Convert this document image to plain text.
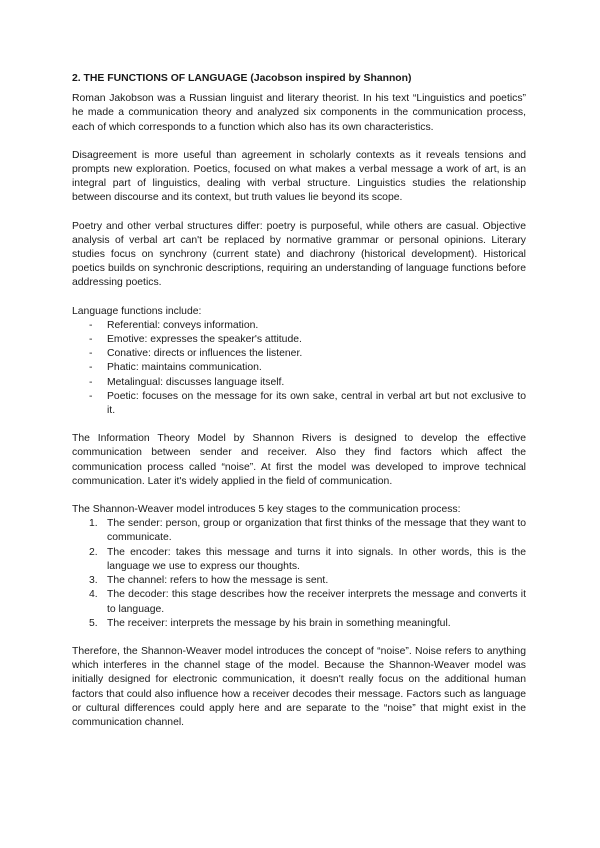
2. THE FUNCTIONS OF LANGUAGE (Jacobson inspired by Shannon)

Roman Jakobson was a Russian linguist and literary theorist. In his text “Linguistics and poetics” he made a communication theory and analyzed six components in the communication process, each of which corresponds to a function which also has its own characteristics.

Disagreement is more useful than agreement in scholarly contexts as it reveals tensions and prompts new exploration. Poetics, focused on what makes a verbal message a work of art, is an integral part of linguistics, dealing with verbal structure. Linguistics studies the relationship between discourse and its context, but truth values lie beyond its scope.

Poetry and other verbal structures differ: poetry is purposeful, while others are casual. Objective analysis of verbal art can't be replaced by normative grammar or personal opinions. Literary studies focus on synchrony (current state) and diachrony (historical development). Historical poetics builds on synchronic descriptions, requiring an understanding of language functions before addressing poetics.

Language functions include:

- Referential: conveys information.
- Emotive: expresses the speaker's attitude.
- Conative: directs or influences the listener.
- Phatic: maintains communication.
- Metalingual: discusses language itself.
- Poetic: focuses on the message for its own sake, central in verbal art but not exclusive to it.

The Information Theory Model by Shannon Rivers is designed to develop the effective communication between sender and receiver. Also they find factors which affect the communication process called “noise”. At first the model was developed to improve technical communication. Later it's widely applied in the field of communication.

The Shannon-Weaver model introduces 5 key stages to the communication process:

1. The sender: person, group or organization that first thinks of the message that they want to communicate.
2. The encoder: takes this message and turns it into signals. In other words, this is the language we use to express our thoughts.
3. The channel: refers to how the message is sent.
4. The decoder: this stage describes how the receiver interprets the message and converts it to language.
5. The receiver: interprets the message by his brain in something meaningful.

Therefore, the Shannon-Weaver model introduces the concept of “noise”. Noise refers to anything which interferes in the channel stage of the model. Because the Shannon-Weaver model was initially designed for electronic communication, it doesn't really focus on the additional human factors that could also influence how a receiver decodes their message. Factors such as language or cultural differences could apply here and are separate to the “noise” that might exist in the communication channel.
